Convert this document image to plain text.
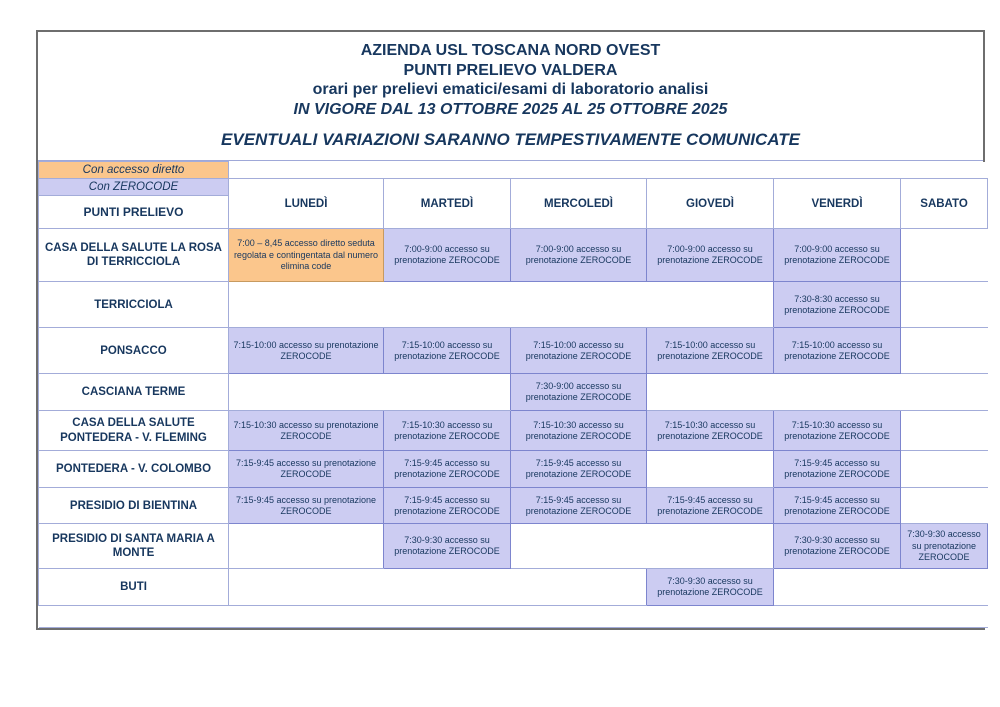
AZIENDA USL TOSCANA NORD OVEST
PUNTI PRELIEVO VALDERA
orari per prelievi ematici/esami di laboratorio analisi
IN VIGORE DAL 13 OTTOBRE 2025 AL 25 OTTOBRE 2025
EVENTUALI VARIAZIONI SARANNO TEMPESTIVAMENTE COMUNICATE
Con accesso diretto						
Con ZEROCODE	LUNEDÌ	MARTEDÌ	MERCOLEDÌ	GIOVEDÌ	VENERDÌ	SABATO
PUNTI PRELIEVO						
CASA DELLA SALUTE LA ROSA DI TERRICCIOLA	7:00 – 8,45 accesso diretto seduta regolata e contingentata dal numero elimina code	7:00-9:00 accesso su prenotazione ZEROCODE	7:00-9:00 accesso su prenotazione ZEROCODE	7:00-9:00 accesso su prenotazione ZEROCODE	7:00-9:00 accesso su prenotazione ZEROCODE	
TERRICCIOLA					7:30-8:30 accesso su prenotazione ZEROCODE	
PONSACCO	7:15-10:00 accesso su prenotazione ZEROCODE	7:15-10:00 accesso su prenotazione ZEROCODE	7:15-10:00 accesso su prenotazione ZEROCODE	7:15-10:00 accesso su prenotazione ZEROCODE	7:15-10:00 accesso su prenotazione ZEROCODE	
CASCIANA TERME			7:30-9:00 accesso su prenotazione ZEROCODE			
CASA DELLA SALUTE PONTEDERA - V. FLEMING	7:15-10:30 accesso su prenotazione ZEROCODE	7:15-10:30 accesso su prenotazione ZEROCODE	7:15-10:30 accesso su prenotazione ZEROCODE	7:15-10:30 accesso su prenotazione ZEROCODE	7:15-10:30 accesso su prenotazione ZEROCODE	
PONTEDERA - V. COLOMBO	7:15-9:45 accesso su prenotazione ZEROCODE	7:15-9:45 accesso su prenotazione ZEROCODE	7:15-9:45 accesso su prenotazione ZEROCODE		7:15-9:45 accesso su prenotazione ZEROCODE	
PRESIDIO DI BIENTINA	7:15-9:45 accesso su prenotazione ZEROCODE	7:15-9:45 accesso su prenotazione ZEROCODE	7:15-9:45 accesso su prenotazione ZEROCODE	7:15-9:45 accesso su prenotazione ZEROCODE	7:15-9:45 accesso su prenotazione ZEROCODE	
PRESIDIO DI SANTA MARIA A MONTE		7:30-9:30 accesso su prenotazione ZEROCODE			7:30-9:30 accesso su prenotazione ZEROCODE	7:30-9:30 accesso su prenotazione ZEROCODE
BUTI				7:30-9:30 accesso su prenotazione ZEROCODE		
